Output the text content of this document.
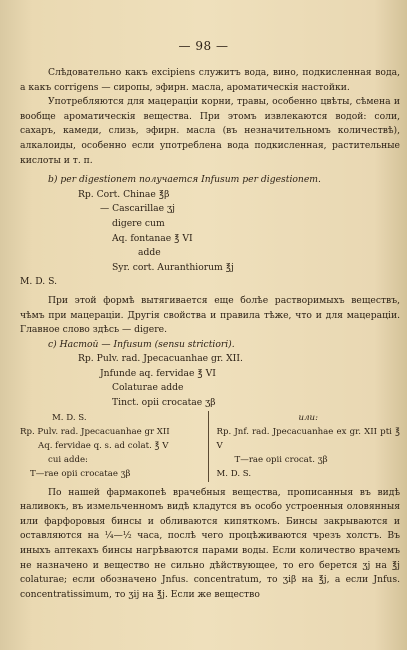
— 98 —

Слѣдовательно какъ excipiens служитъ вода, вино, подкисленная вода, а какъ corrigens — сиропы, эфирн. масла, ароматическія настойки.

Употребляются для мацераціи корни, травы, особенно цвѣты, сѣмена и вообще ароматическія вещества. При этомъ извлекаются водой: соли, сахаръ, камеди, слизь, эфирн. масла (въ незначительномъ количествѣ), алкалоиды, особенно если употреблена вода подкисленная, растительные кислоты и т. п.

b) per digestionem получается Infusum per digestionem.

Rp. Cort. Chinae ℥β

— Cascarillae ʒj

digere cum

Aq. fontanae ℥ VI

adde

Syr. cort. Auranthiorum ℥j

M. D. S.

При этой формѣ вытягивается еще болѣе растворимыхъ веществъ, чѣмъ при мацераціи. Другія свойства и правила тѣже, что и для мацераціи. Главное слово здѣсь — digere.

c) Настой — Infusum (sensu strictiori).

Rp. Pulv. rad. Jpecacuanhae gr. XII.

Jnfunde aq. fervidae ℥ VI

Colaturae adde

Tinct. opii crocatae ʒβ

M. D. S.
Rp. Pulv. rad. Jpecacuanhae gr XII
Aq. fervidae q. s. ad colat. ℥ V
cui adde:
T—rae opii crocatae ʒβ
или:
Rp. Jnf. rad. Jpecacuanhae ex gr. XII pti ℥ V
T—rae opii crocat. ʒβ
M. D. S.

По нашей фармакопеѣ врачебныя вещества, прописанныя въ видѣ наливокъ, въ измельченномъ видѣ кладутся въ особо устроенныя оловянныя или фарфоровыя бинсы и обливаются кипяткомъ. Бинсы закрываются и оставляются на ¼—½ часа, послѣ чего процѣживаются чрезъ холстъ. Въ иныхъ аптекахъ бинсы нагрѣваются парами воды. Если количество врачемъ не назначено и вещество не сильно дѣйствующее, то его берется ʒj на ℥j colaturae; если обозначено Jnfus. concentratum, то ʒiβ на ℥j, а если Jnfus. concentratissimum, то ʒij на ℥j. Если же вещество
